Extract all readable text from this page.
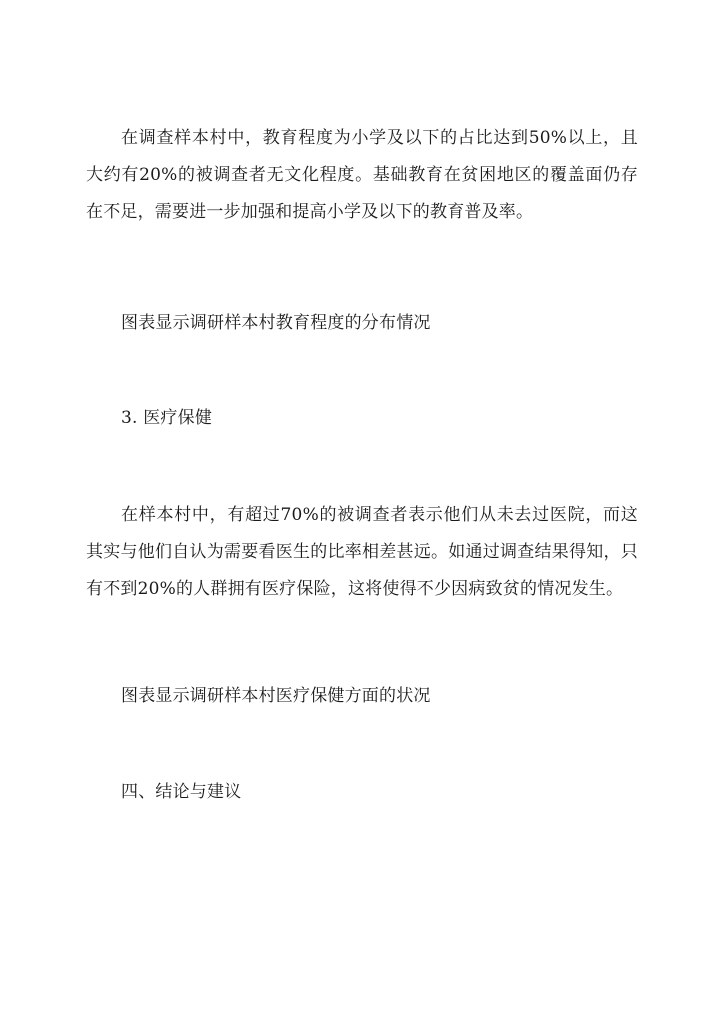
在调查样本村中，教育程度为小学及以下的占比达到50%以上，且大约有20%的被调查者无文化程度。基础教育在贫困地区的覆盖面仍存在不足，需要进一步加强和提高小学及以下的教育普及率。

图表显示调研样本村教育程度的分布情况

3. 医疗保健

在样本村中，有超过70%的被调查者表示他们从未去过医院，而这其实与他们自认为需要看医生的比率相差甚远。如通过调查结果得知，只有不到20%的人群拥有医疗保险，这将使得不少因病致贫的情况发生。

图表显示调研样本村医疗保健方面的状况

四、结论与建议
